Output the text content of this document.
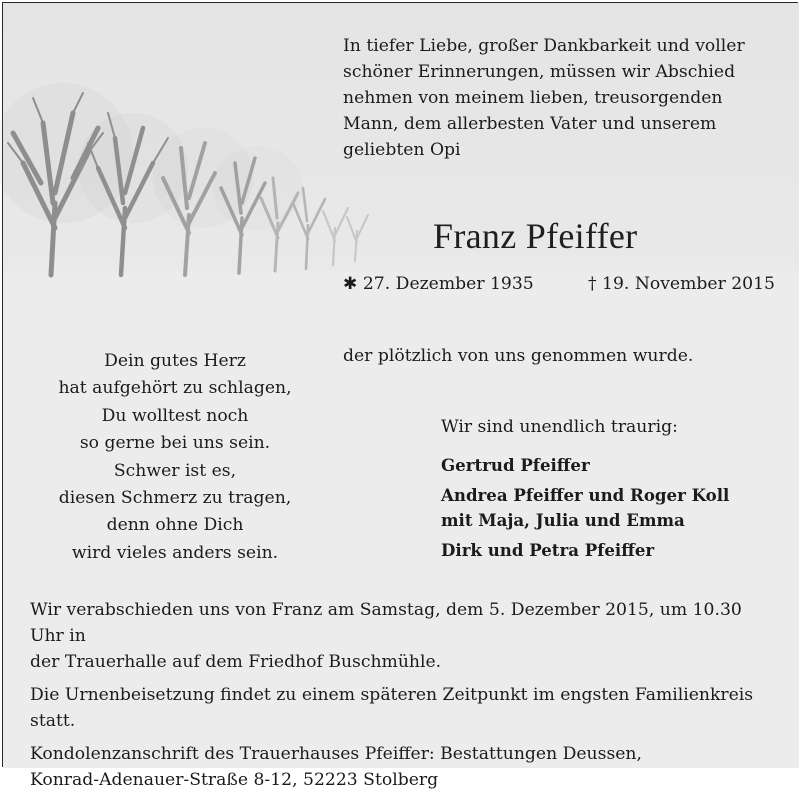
In tiefer Liebe, großer Dankbarkeit und voller
schöner Erinnerungen, müssen wir Abschied
nehmen von meinem lieben, treusorgenden
Mann, dem allerbesten Vater und unserem
geliebten Opi
Franz Pfeiffer
✱ 27. Dezember 1935	† 19. November 2015
der plötzlich von uns genommen wurde.
Dein gutes Herz
hat aufgehört zu schlagen,
Du wolltest noch
so gerne bei uns sein.
Schwer ist es,
diesen Schmerz zu tragen,
denn ohne Dich
wird vieles anders sein.
Wir sind unendlich traurig:
Gertrud Pfeiffer
Andrea Pfeiffer und Roger Koll
mit Maja, Julia und Emma
Dirk und Petra Pfeiffer

Wir verabschieden uns von Franz am Samstag, dem 5. Dezember 2015, um 10.30 Uhr in
der Trauerhalle auf dem Friedhof Buschmühle.

Die Urnenbeisetzung findet zu einem späteren Zeitpunkt im engsten Familienkreis statt.

Kondolenzanschrift des Trauerhauses Pfeiffer: Bestattungen Deussen,
Konrad-Adenauer-Straße 8-12, 52223 Stolberg
